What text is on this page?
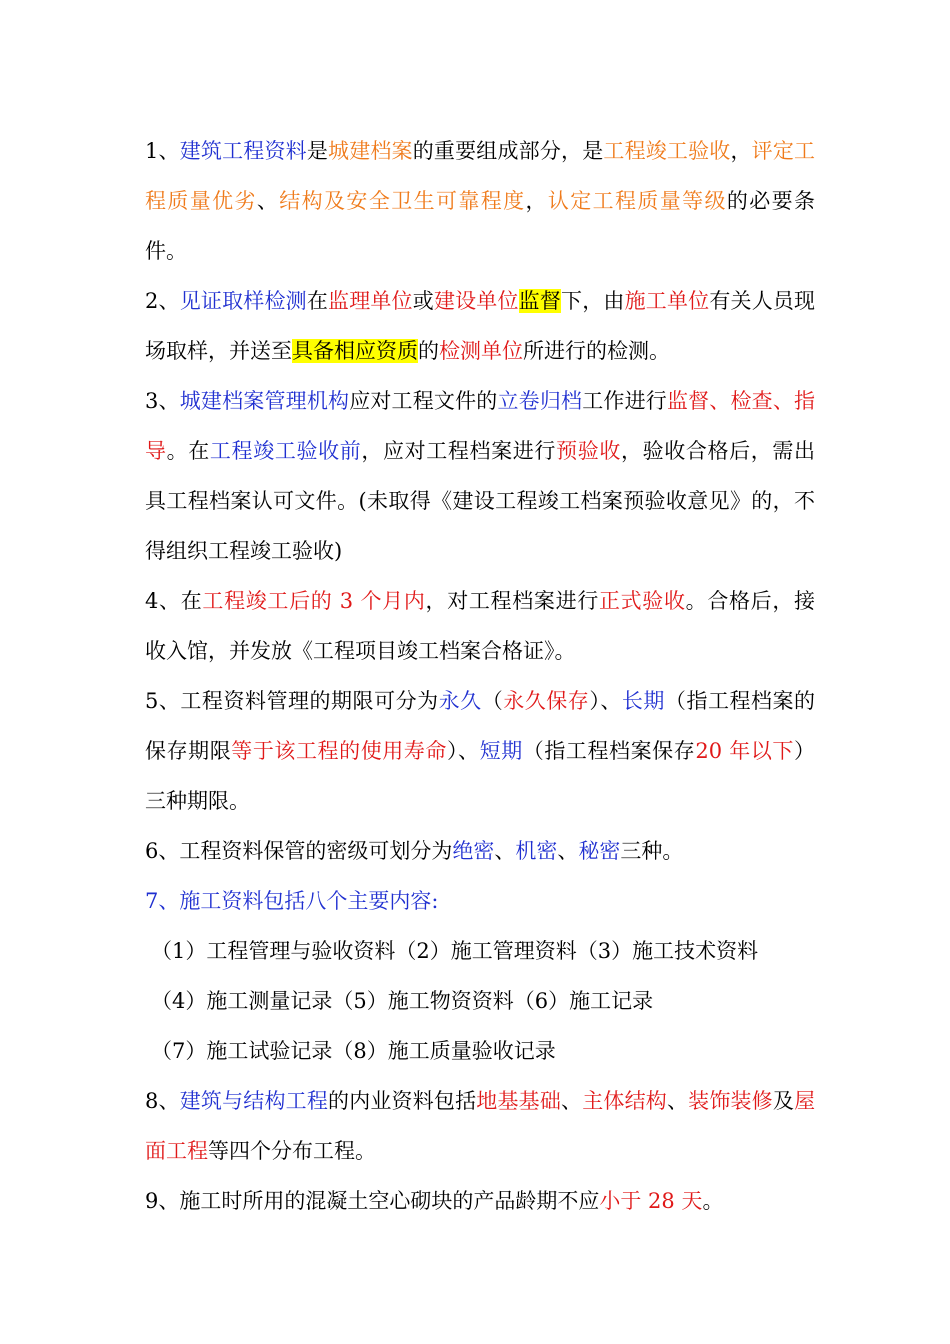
1、建筑工程资料是城建档案的重要组成部分，是工程竣工验收，评定工程质量优劣、结构及安全卫生可靠程度，认定工程质量等级的必要条件。

2、见证取样检测在监理单位或建设单位监督下，由施工单位有关人员现场取样，并送至具备相应资质的检测单位所进行的检测。

3、城建档案管理机构应对工程文件的立卷归档工作进行监督、检查、指导。在工程竣工验收前，应对工程档案进行预验收，验收合格后，需出具工程档案认可文件。(未取得《建设工程竣工档案预验收意见》的，不得组织工程竣工验收)

4、在工程竣工后的 3 个月内，对工程档案进行正式验收。合格后，接收入馆，并发放《工程项目竣工档案合格证》。

5、工程资料管理的期限可分为永久（永久保存）、长期（指工程档案的保存期限等于该工程的使用寿命）、短期（指工程档案保存20 年以下）三种期限。

6、工程资料保管的密级可划分为绝密、机密、秘密三种。

7、施工资料包括八个主要内容:

（1）工程管理与验收资料（2）施工管理资料（3）施工技术资料

（4）施工测量记录（5）施工物资资料（6）施工记录

（7）施工试验记录（8）施工质量验收记录

8、建筑与结构工程的内业资料包括地基基础、主体结构、装饰装修及屋面工程等四个分布工程。

9、施工时所用的混凝土空心砌块的产品龄期不应小于 28 天。
